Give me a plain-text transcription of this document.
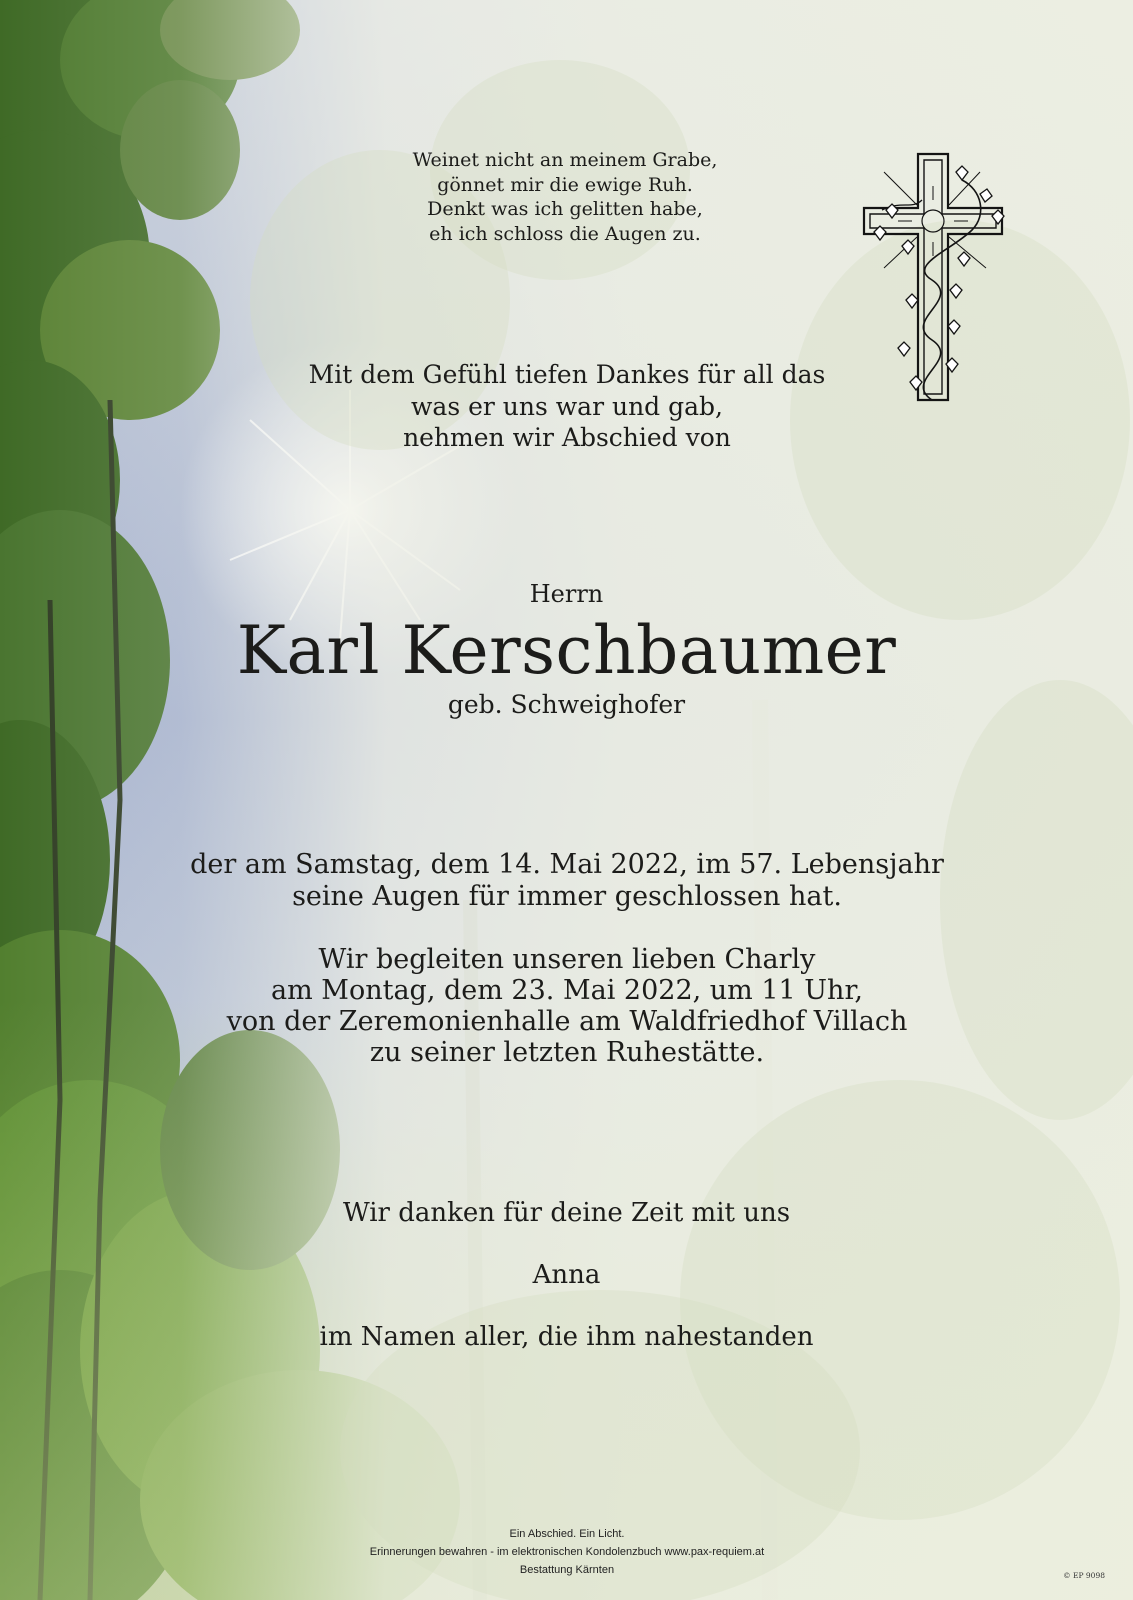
Weinet nicht an meinem Grabe,
gönnet mir die ewige Ruh.
Denkt was ich gelitten habe,
eh ich schloss die Augen zu.
Mit dem Gefühl tiefen Dankes für all das
was er uns war und gab,
nehmen wir Abschied von
Herrn
Karl Kerschbaumer
geb. Schweighofer
der am Samstag, dem 14. Mai 2022, im 57. Lebensjahr
seine Augen für immer geschlossen hat.
Wir begleiten unseren lieben Charly
am Montag, dem 23. Mai 2022, um 11 Uhr,
von der Zeremonienhalle am Waldfriedhof Villach
zu seiner letzten Ruhestätte.
Wir danken für deine Zeit mit uns
Anna
im Namen aller, die ihm nahestanden
Ein Abschied. Ein Licht.
Erinnerungen bewahren - im elektronischen Kondolenzbuch www.pax-requiem.at
Bestattung Kärnten	© EP 9098
